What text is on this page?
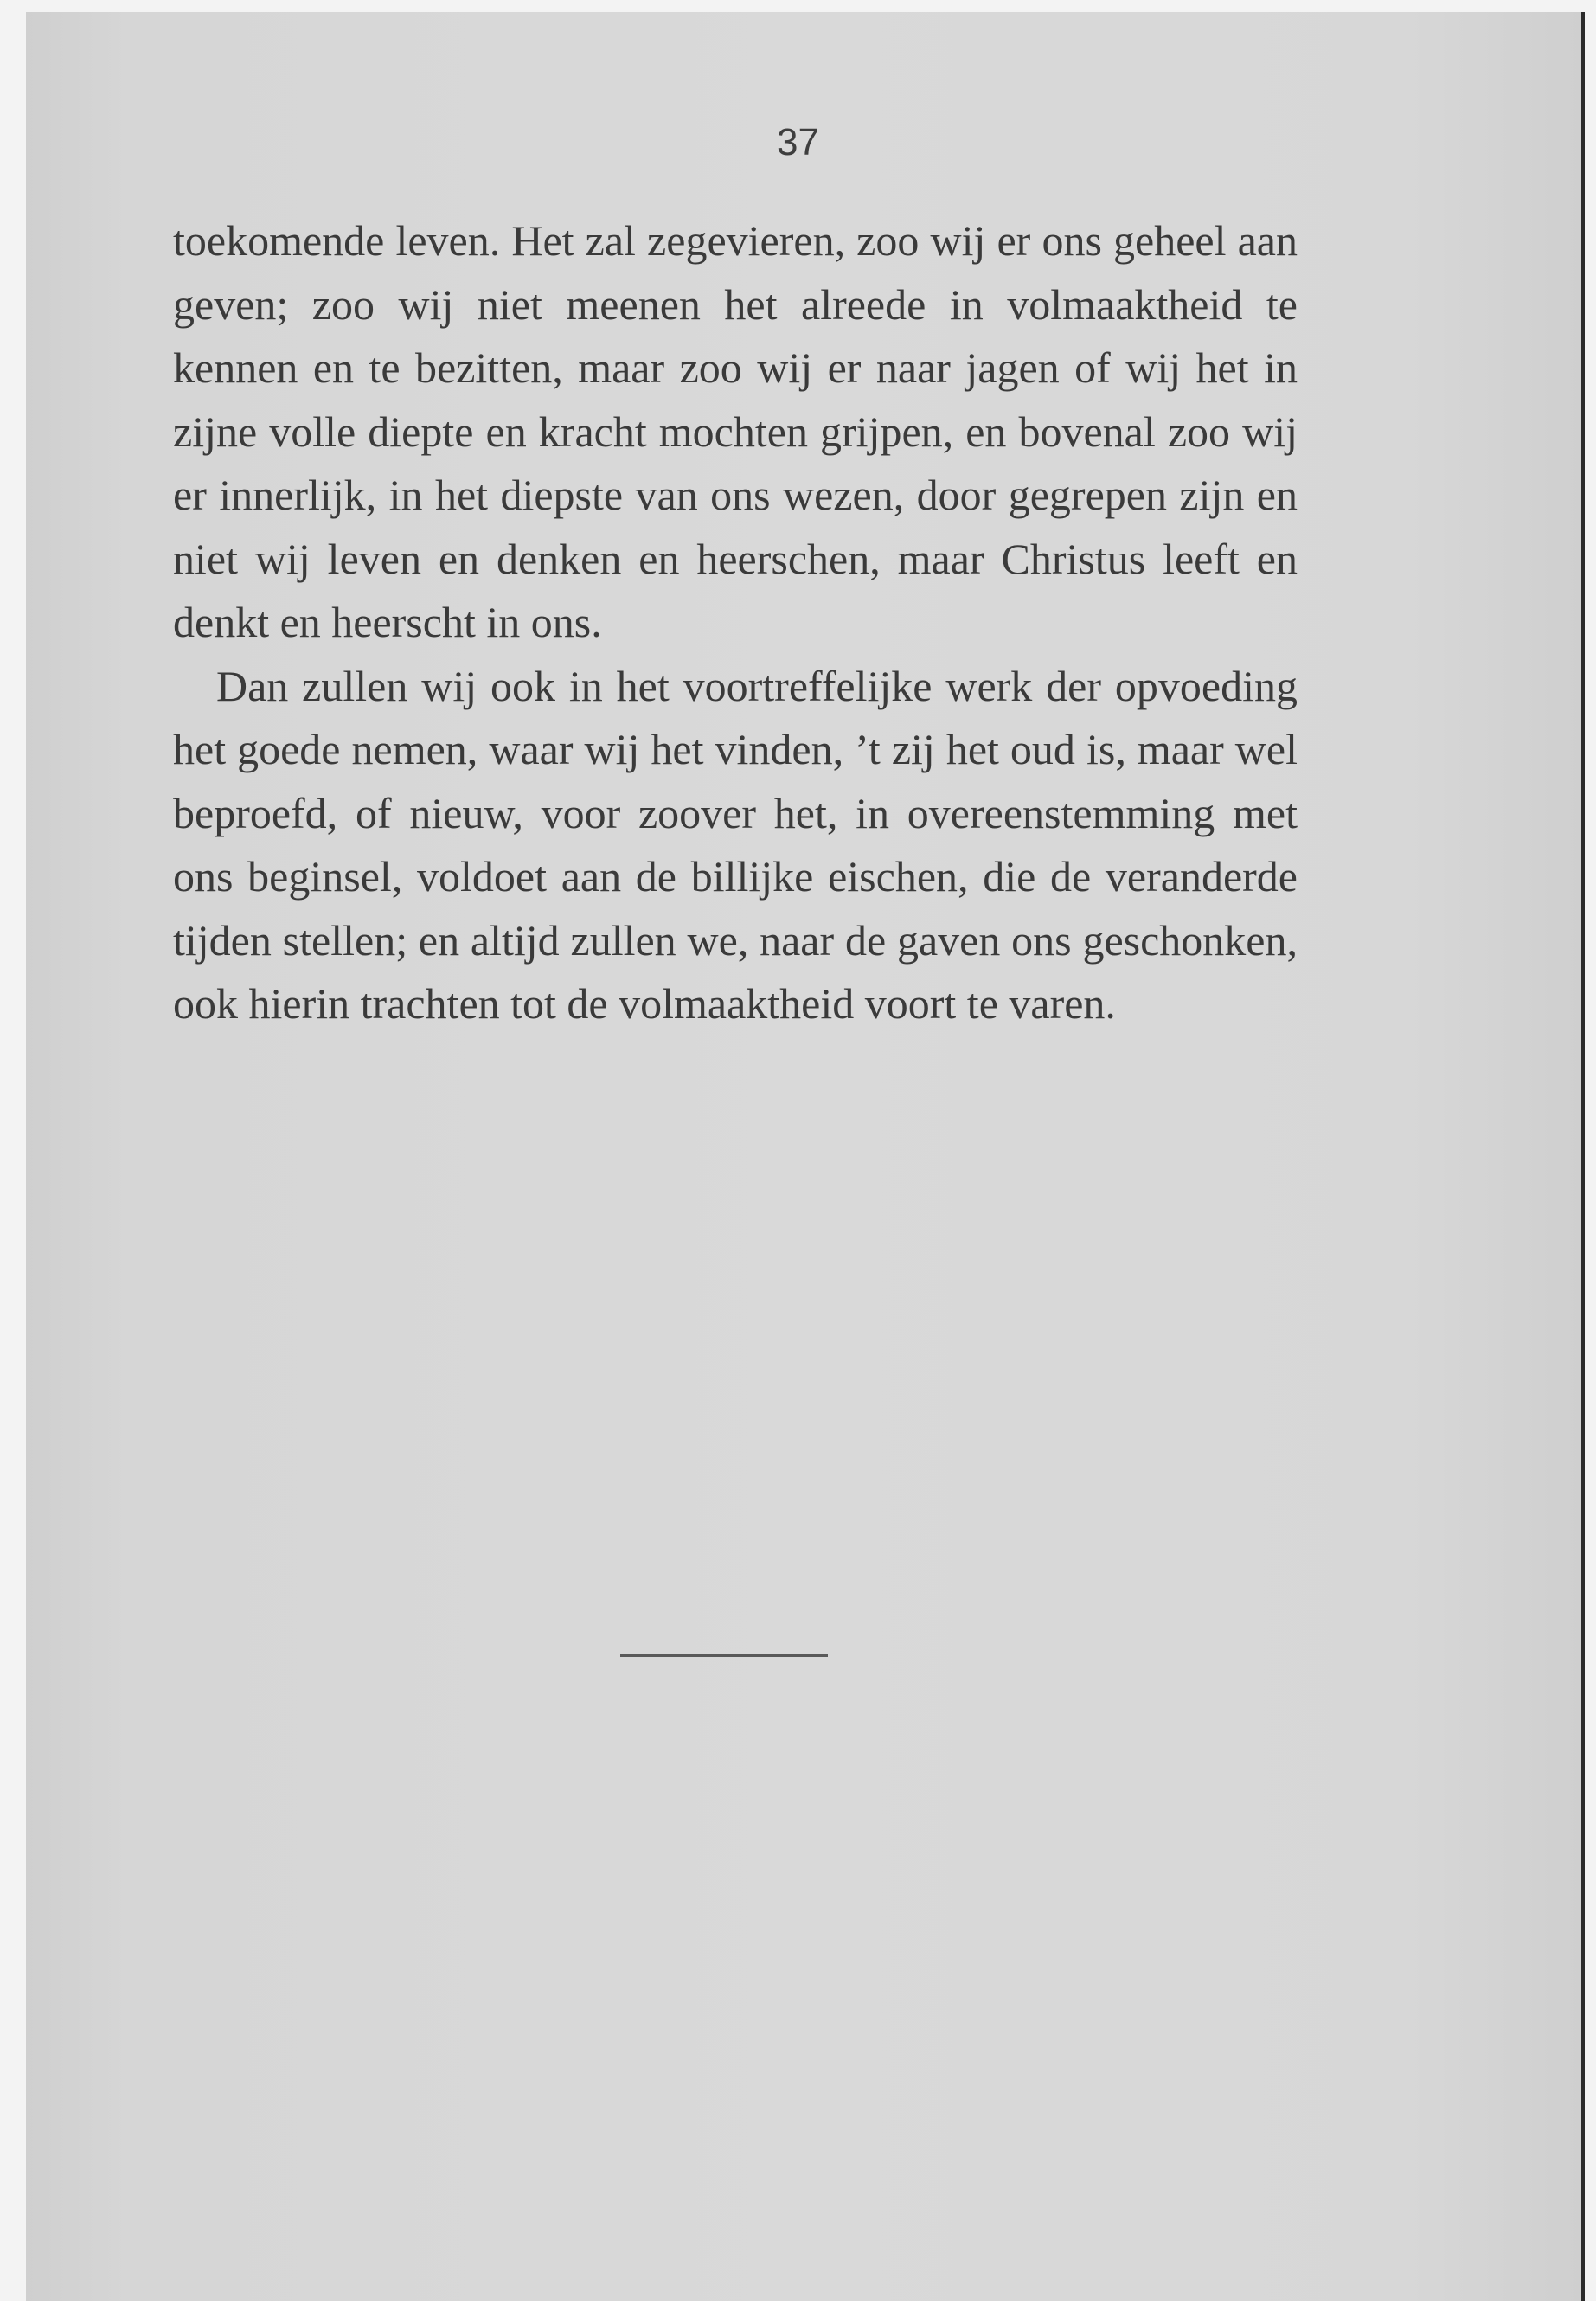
37

toekomende leven. Het zal zegevieren, zoo wij er ons geheel aan geven; zoo wij niet meenen het alreede in volmaaktheid te kennen en te bezitten, maar zoo wij er naar jagen of wij het in zijne volle diepte en kracht mochten grijpen, en bovenal zoo wij er innerlijk, in het diepste van ons wezen, door gegrepen zijn en niet wij leven en denken en heerschen, maar Christus leeft en denkt en heerscht in ons.

Dan zullen wij ook in het voortreffelijke werk der opvoeding het goede nemen, waar wij het vinden, ’t zij het oud is, maar wel beproefd, of nieuw, voor zoover het, in overeenstemming met ons beginsel, voldoet aan de billijke eischen, die de veranderde tijden stellen; en altijd zullen we, naar de gaven ons geschonken, ook hierin trachten tot de volmaaktheid voort te varen.
